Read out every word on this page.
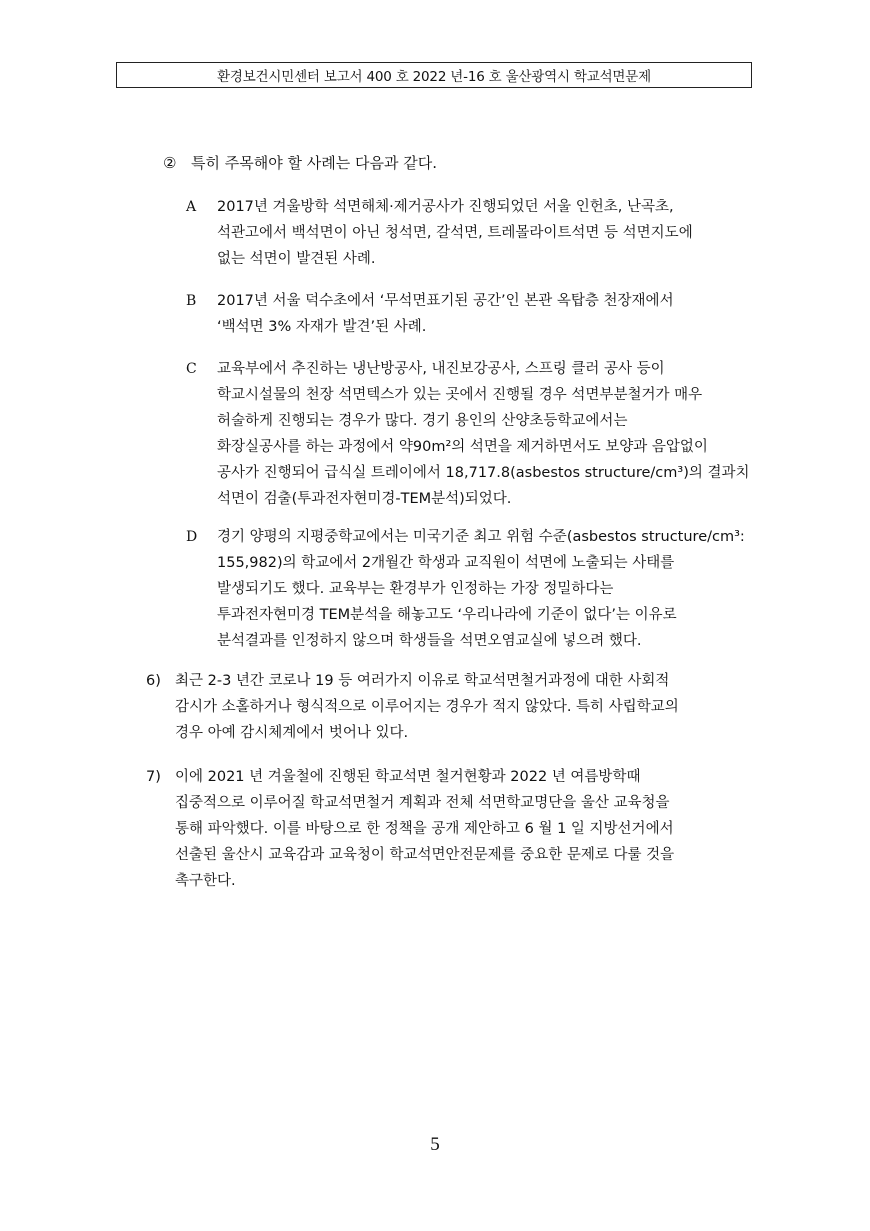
환경보건시민센터 보고서 400 호 2022 년-16 호 울산광역시 학교석면문제
② 특히 주목해야 할 사례는 다음과 같다.
A	2017년 겨울방학 석면해체·제거공사가 진행되었던 서울 인헌초, 난곡초,
석관고에서 백석면이 아닌 청석면, 갈석면, 트레몰라이트석면 등 석면지도에
없는 석면이 발견된 사례.
B	2017년 서울 덕수초에서 ‘무석면표기된 공간’인 본관 옥탑층 천장재에서
‘백석면 3% 자재가 발견’된 사례.
C	교육부에서 추진하는 냉난방공사, 내진보강공사, 스프링 클러 공사 등이
학교시설물의 천장 석면텍스가 있는 곳에서 진행될 경우 석면부분철거가 매우
허술하게 진행되는 경우가 많다. 경기 용인의 산양초등학교에서는
화장실공사를 하는 과정에서 약90m²의 석면을 제거하면서도 보양과 음압없이
공사가 진행되어 급식실 트레이에서 18,717.8(asbestos structure/cm³)의 결과치
석면이 검출(투과전자현미경-TEM분석)되었다.
D	경기 양평의 지평중학교에서는 미국기준 최고 위험 수준(asbestos structure/cm³:
155,982)의 학교에서 2개월간 학생과 교직원이 석면에 노출되는 사태를
발생되기도 했다. 교육부는 환경부가 인정하는 가장 정밀하다는
투과전자현미경 TEM분석을 해놓고도 ‘우리나라에 기준이 없다’는 이유로
분석결과를 인정하지 않으며 학생들을 석면오염교실에 넣으려 했다.
6) 최근 2-3 년간 코로나 19 등 여러가지 이유로 학교석면철거과정에 대한 사회적
감시가 소홀하거나 형식적으로 이루어지는 경우가 적지 않았다. 특히 사립학교의
경우 아예 감시체계에서 벗어나 있다.
7) 이에 2021 년 겨울철에 진행된 학교석면 철거현황과 2022 년 여름방학때
집중적으로 이루어질 학교석면철거 계획과 전체 석면학교명단을 울산 교육청을
통해 파악했다. 이를 바탕으로 한 정책을 공개 제안하고 6 월 1 일 지방선거에서
선출된 울산시 교육감과 교육청이 학교석면안전문제를 중요한 문제로 다룰 것을
촉구한다.
5
